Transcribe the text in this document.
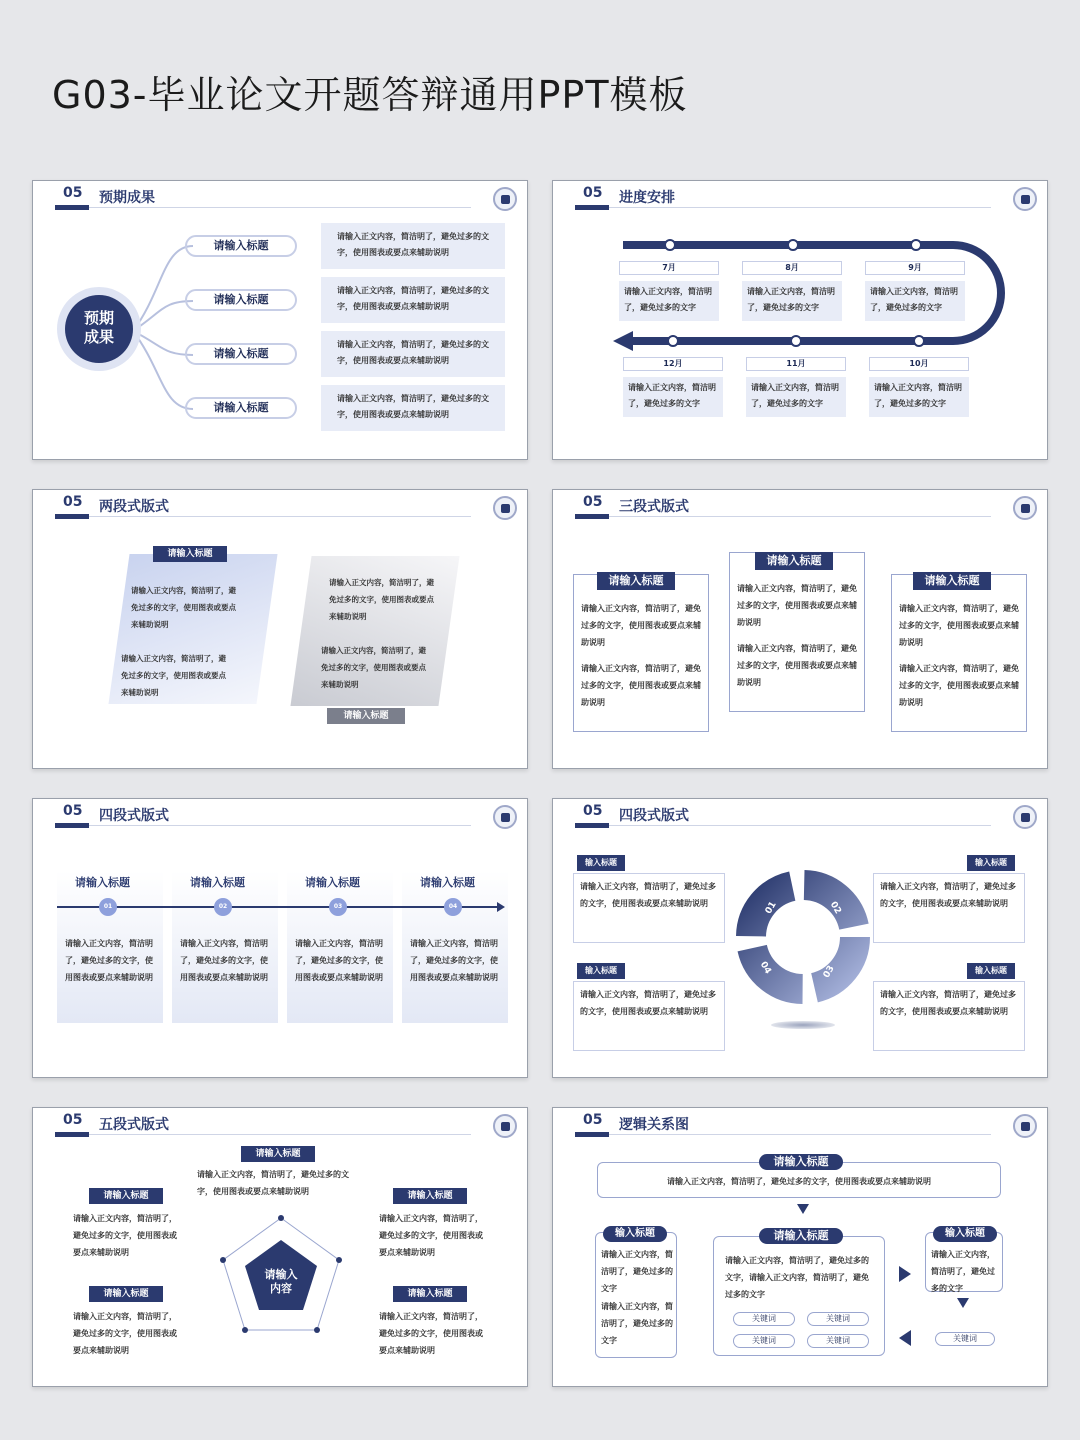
G03-毕业论文开题答辩通用PPT模板
05 预期成果
预期
成果
请输入标题
请输入标题
请输入标题
请输入标题
请输入正文内容，简洁明了，避免过多的文字，使用图表或要点来辅助说明
请输入正文内容，简洁明了，避免过多的文字，使用图表或要点来辅助说明
请输入正文内容，简洁明了，避免过多的文字，使用图表或要点来辅助说明
请输入正文内容，简洁明了，避免过多的文字，使用图表或要点来辅助说明
05 进度安排
7月	8月	9月
请输入正文内容，简洁明了，避免过多的文字
请输入正文内容，简洁明了，避免过多的文字
请输入正文内容，简洁明了，避免过多的文字
12月	11月	10月
请输入正文内容，简洁明了，避免过多的文字
请输入正文内容，简洁明了，避免过多的文字
请输入正文内容，简洁明了，避免过多的文字
05 两段式版式
请输入标题
请输入正文内容，简洁明了，避免过多的文字，使用图表或要点来辅助说明
请输入正文内容，简洁明了，避免过多的文字，使用图表或要点来辅助说明
请输入标题
请输入正文内容，简洁明了，避免过多的文字，使用图表或要点来辅助说明
请输入正文内容，简洁明了，避免过多的文字，使用图表或要点来辅助说明
05 三段式版式
请输入标题
请输入正文内容，简洁明了，避免过多的文字，使用图表或要点来辅助说明
请输入正文内容，简洁明了，避免过多的文字，使用图表或要点来辅助说明
请输入标题
请输入正文内容，简洁明了，避免过多的文字，使用图表或要点来辅助说明
请输入正文内容，简洁明了，避免过多的文字，使用图表或要点来辅助说明
请输入标题
请输入正文内容，简洁明了，避免过多的文字，使用图表或要点来辅助说明
请输入正文内容，简洁明了，避免过多的文字，使用图表或要点来辅助说明
05 四段式版式
请输入标题	请输入标题	请输入标题	请输入标题
01	02	03	04
请输入正文内容，简洁明了，避免过多的文字，使用图表或要点来辅助说明
请输入正文内容，简洁明了，避免过多的文字，使用图表或要点来辅助说明
请输入正文内容，简洁明了，避免过多的文字，使用图表或要点来辅助说明
请输入正文内容，简洁明了，避免过多的文字，使用图表或要点来辅助说明
05 四段式版式
输入标题	输入标题
输入标题	输入标题
请输入正文内容，简洁明了，避免过多的文字，使用图表或要点来辅助说明
请输入正文内容，简洁明了，避免过多的文字，使用图表或要点来辅助说明
请输入正文内容，简洁明了，避免过多的文字，使用图表或要点来辅助说明
请输入正文内容，简洁明了，避免过多的文字，使用图表或要点来辅助说明
01	02
03
04
05 五段式版式
请输入
内容
请输入标题
请输入正文内容，简洁明了，避免过多的文字，使用图表或要点来辅助说明
请输入标题
请输入正文内容，简洁明了，避免过多的文字，使用图表或要点来辅助说明
请输入标题
请输入正文内容，简洁明了，避免过多的文字，使用图表或要点来辅助说明
请输入标题
请输入正文内容，简洁明了，避免过多的文字，使用图表或要点来辅助说明
请输入标题
请输入正文内容，简洁明了，避免过多的文字，使用图表或要点来辅助说明
05 逻辑关系图
请输入标题
请输入正文内容，简洁明了，避免过多的文字，使用图表或要点来辅助说明
输入标题
请输入正文内容，简洁明了，避免过多的文字
请输入正文内容，简洁明了，避免过多的文字
请输入标题
请输入正文内容，简洁明了，避免过多的文字，请输入正文内容，简洁明了，避免过多的文字
关键词	关键词
关键词	关键词
输入标题
请输入正文内容，简洁明了，避免过多的文字
关键词
